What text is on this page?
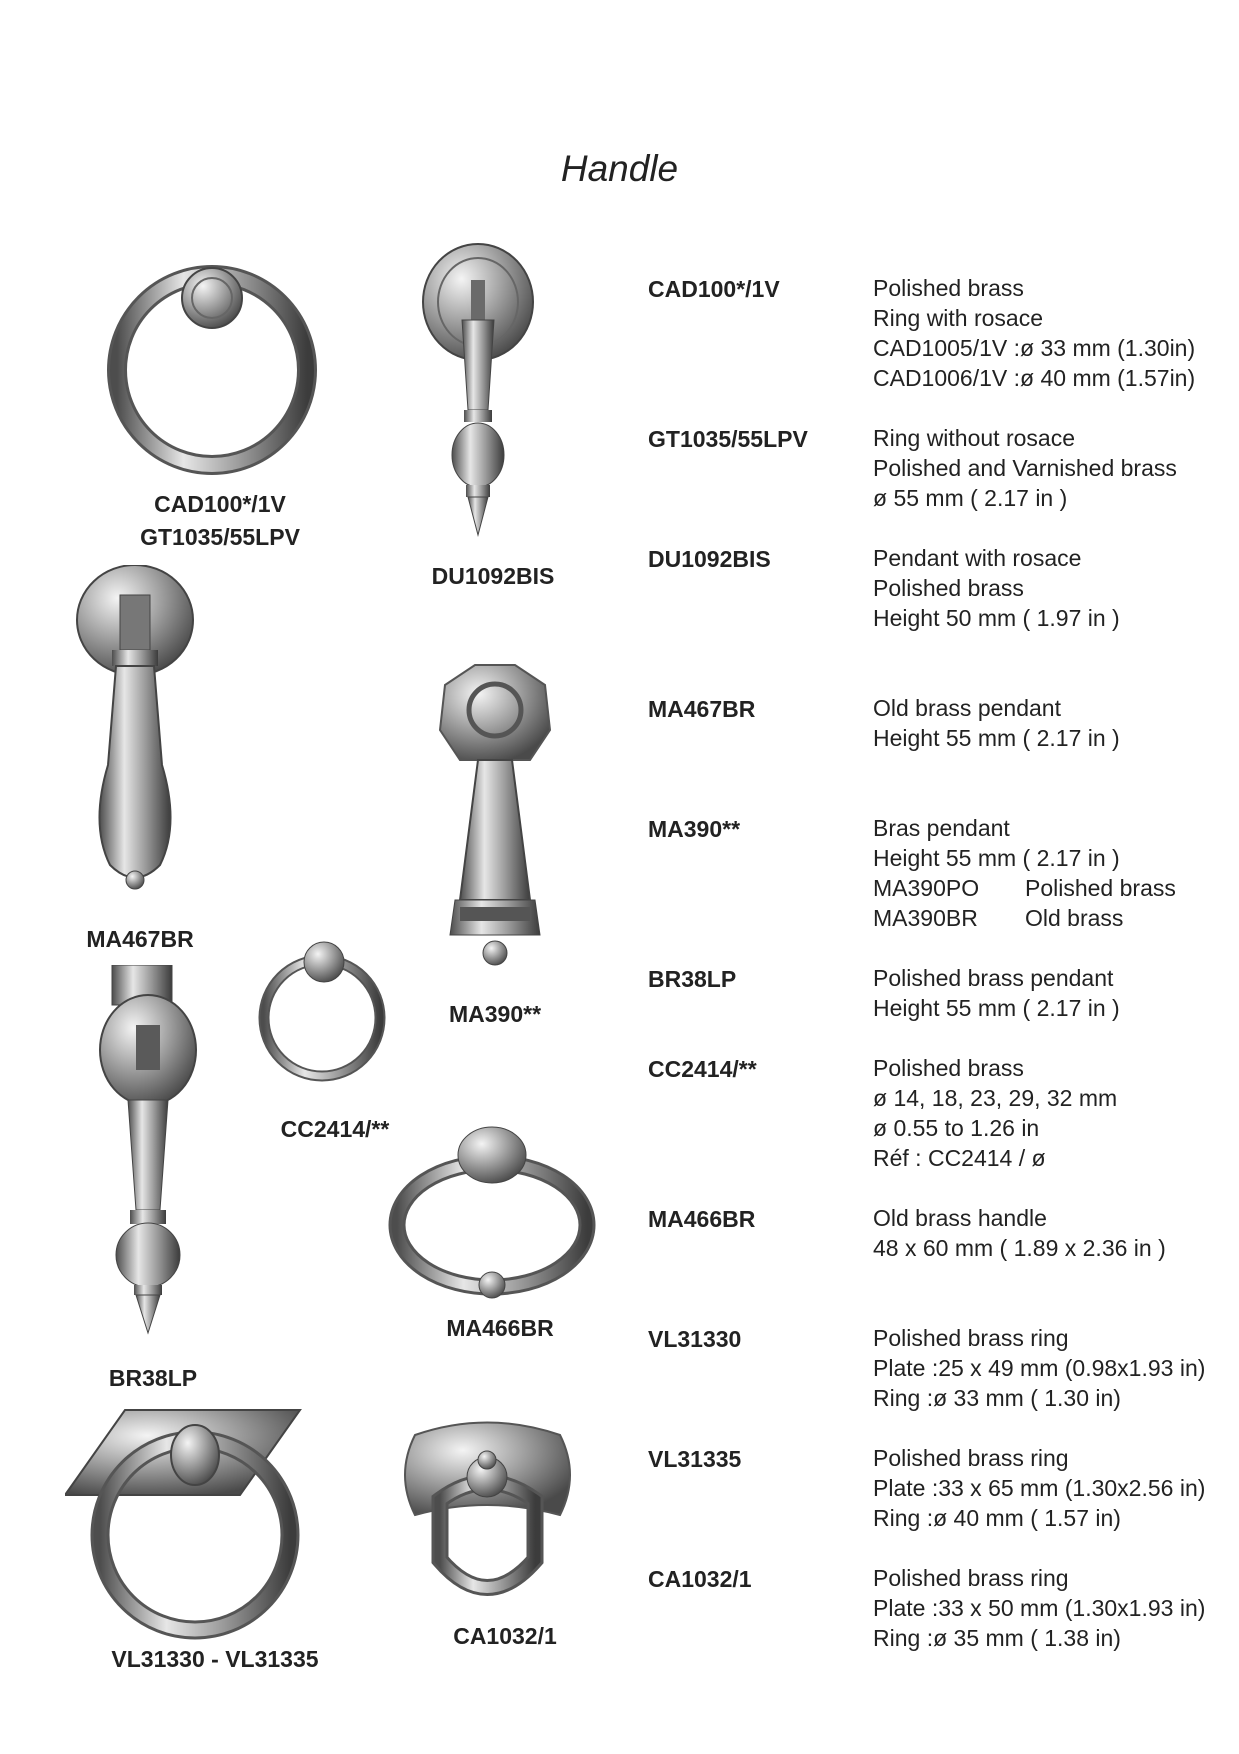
Handle
CAD100*/1V
GT1035/55LPV
DU1092BIS
MA467BR
MA390**
CC2414/**
BR38LP
MA466BR
VL31330 - VL31335
CA1032/1
CAD100*/1V
GT1035/55LPV
DU1092BIS
MA467BR
MA390**
BR38LP
CC2414/**
MA466BR
VL31330
VL31335
CA1032/1
Polished brass
Ring with rosace
CAD1005/1V :ø 33 mm (1.30in)
CAD1006/1V :ø 40 mm (1.57in)
Ring without rosace
Polished and Varnished brass
ø 55 mm ( 2.17 in )
Pendant with rosace
Polished brass
Height 50 mm ( 1.97 in )
Old brass pendant
Height 55 mm ( 2.17 in )
Bras pendant
Height 55 mm ( 2.17 in )
MA390PO Polished brass
MA390BR Old brass
Polished brass pendant
Height 55 mm ( 2.17 in )
Polished brass
ø 14, 18, 23, 29, 32 mm
ø 0.55 to 1.26 in
Réf : CC2414 / ø
Old brass handle
48 x 60 mm ( 1.89 x 2.36 in )
Polished brass ring
Plate :25 x 49 mm (0.98x1.93 in)
Ring :ø 33 mm ( 1.30 in)
Polished brass ring
Plate :33 x 65 mm (1.30x2.56 in)
Ring :ø 40 mm ( 1.57 in)
Polished brass ring
Plate :33 x 50 mm (1.30x1.93 in)
Ring :ø 35 mm ( 1.38 in)
